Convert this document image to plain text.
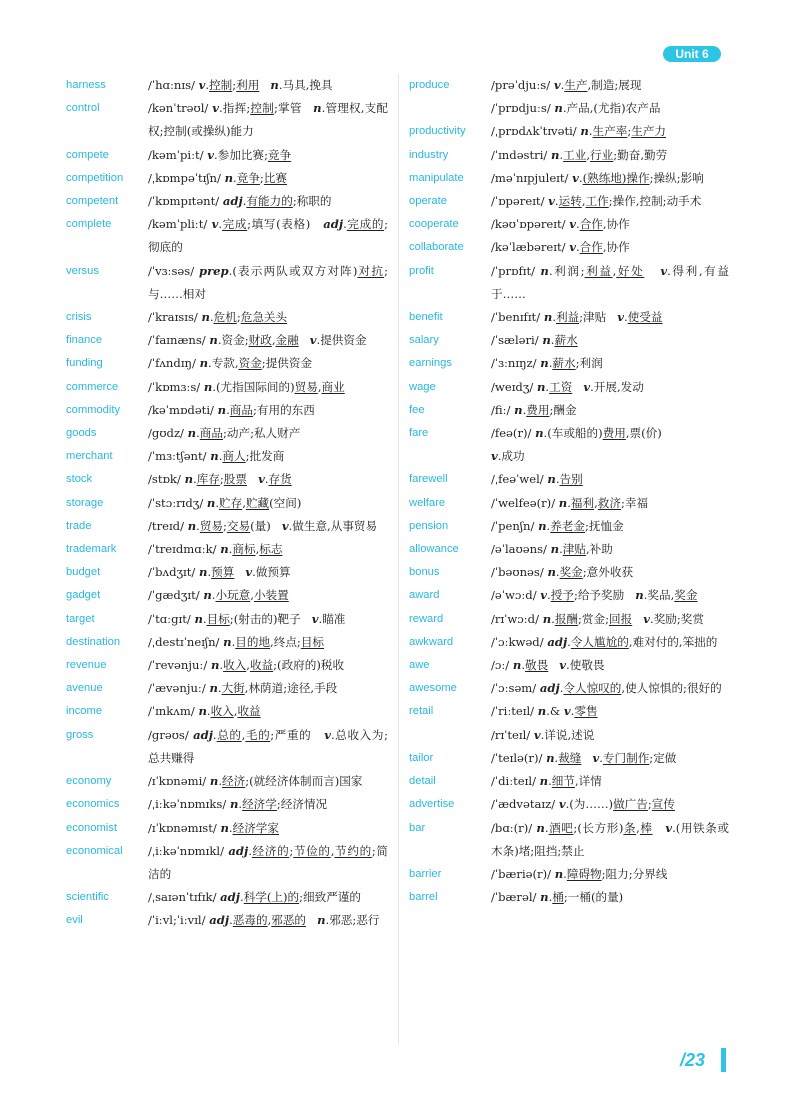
Unit 6
harness	/ˈhɑːnɪs/ v.控制;利用 n.马具,挽具
control	/kənˈtrəʊl/ v.指挥;控制;掌管   n.管理权,支配权;控制(或操纵)能力
compete	/kəmˈpiːt/ v.参加比赛;竞争
competition	/ˌkɒmpəˈtɪʃn/ n.竞争;比赛
competent	/ˈkɒmpɪtənt/ adj.有能力的;称职的
complete	/kəmˈpliːt/ v.完成;填写(表格)   adj.完成的;彻底的
versus	/ˈvɜːsəs/ prep.(表示两队或双方对阵)对抗;与……相对
crisis	/ˈkraɪsɪs/ n.危机;危急关头
finance	/ˈfaɪnæns/ n.资金;财政,金融 v.提供资金
funding	/ˈfʌndɪŋ/ n.专款,资金;提供资金
commerce	/ˈkɒmɜːs/ n.(尤指国际间的)贸易,商业
commodity	/kəˈmɒdəti/ n.商品;有用的东西
goods	/gʊdz/ n.商品;动产;私人财产
merchant	/ˈmɜːtʃənt/ n.商人;批发商
stock	/stɒk/ n.库存;股票 v.存货
storage	/ˈstɔːrɪdʒ/ n.贮存,贮藏(空间)
trade	/treɪd/ n.贸易;交易(量)   v.做生意,从事贸易
trademark	/ˈtreɪdmɑːk/ n.商标,标志
budget	/ˈbʌdʒɪt/ n.预算 v.做预算
gadget	/ˈgædʒɪt/ n.小玩意,小装置
target	/ˈtɑːgɪt/ n.目标;(射击的)靶子   v.瞄准
destination	/ˌdestɪˈneɪʃn/ n.目的地,终点;目标
revenue	/ˈrevənjuː/ n.收入,收益;(政府的)税收
avenue	/ˈævənjuː/ n.大街,林荫道;途径,手段
income	/ˈɪnkʌm/ n.收入,收益
gross	/grəʊs/ adj.总的,毛的;严重的   v.总收入为;总共赚得
economy	/ɪˈkɒnəmi/ n.经济;(就经济体制而言)国家
economics	/ˌiːkəˈnɒmɪks/ n.经济学;经济情况
economist	/ɪˈkɒnəmɪst/ n.经济学家
economical	/ˌiːkəˈnɒmɪkl/ adj.经济的;节俭的,节约的;简洁的
scientific	/ˌsaɪənˈtɪfɪk/ adj.科学(上)的;细致严谨的
evil	/ˈiːvl;ˈiːvɪl/ adj.恶毒的,邪恶的 n.邪恶;恶行
produce	/prəˈdjuːs/ v.生产,制造;展现
/ˈprɒdjuːs/ n.产品,(尤指)农产品
productivity	/ˌprɒdʌkˈtɪvəti/ n.生产率;生产力
industry	/ˈɪndəstri/ n.工业,行业;勤奋,勤劳
manipulate	/məˈnɪpjuleɪt/ v.(熟练地)操作;操纵;影响
operate	/ˈɒpəreɪt/ v.运转,工作;操作,控制;动手术
cooperate	/kəʊˈɒpəreɪt/ v.合作,协作
collaborate	/kəˈlæbəreɪt/ v.合作,协作
profit	/ˈprɒfɪt/ n.利润;利益,好处 v.得利,有益于……
benefit	/ˈbenɪfɪt/ n.利益;津贴   v.使受益
salary	/ˈsæləri/ n.薪水
earnings	/ˈɜːnɪŋz/ n.薪水;利润
wage	/weɪdʒ/ n.工资 v.开展,发动
fee	/fiː/ n.费用;酬金
fare	/feə(r)/ n.(车或船的)费用,票(价)
v.成功
farewell	/ˌfeəˈwel/ n.告别
welfare	/ˈwelfeə(r)/ n.福利,救济;幸福
pension	/ˈpenʃn/ n.养老金;抚恤金
allowance	/əˈlaʊəns/ n.津贴,补助
bonus	/ˈbəʊnəs/ n.奖金;意外收获
award	/əˈwɔːd/ v.授予;给予奖励   n.奖品,奖金
reward	/rɪˈwɔːd/ n.报酬;赏金;回报 v.奖励;奖赏
awkward	/ˈɔːkwəd/ adj.令人尴尬的,难对付的,笨拙的
awe	/ɔː/ n.敬畏 v.使敬畏
awesome	/ˈɔːsəm/ adj.令人惊叹的,使人惊惧的;很好的
retail	/ˈriːteɪl/ n.& v.零售
/rɪˈteɪl/ v.详说,述说
tailor	/ˈteɪlə(r)/ n.裁缝 v.专门制作;定做
detail	/ˈdiːteɪl/ n.细节,详情
advertise	/ˈædvətaɪz/ v.(为……)做广告;宣传
bar	/bɑː(r)/ n.酒吧;(长方形)条,棒 v.(用铁条或木条)堵;阻挡;禁止
barrier	/ˈbæriə(r)/ n.障碍物;阻力;分界线
barrel	/ˈbærəl/ n.桶;一桶(的量)
/23
